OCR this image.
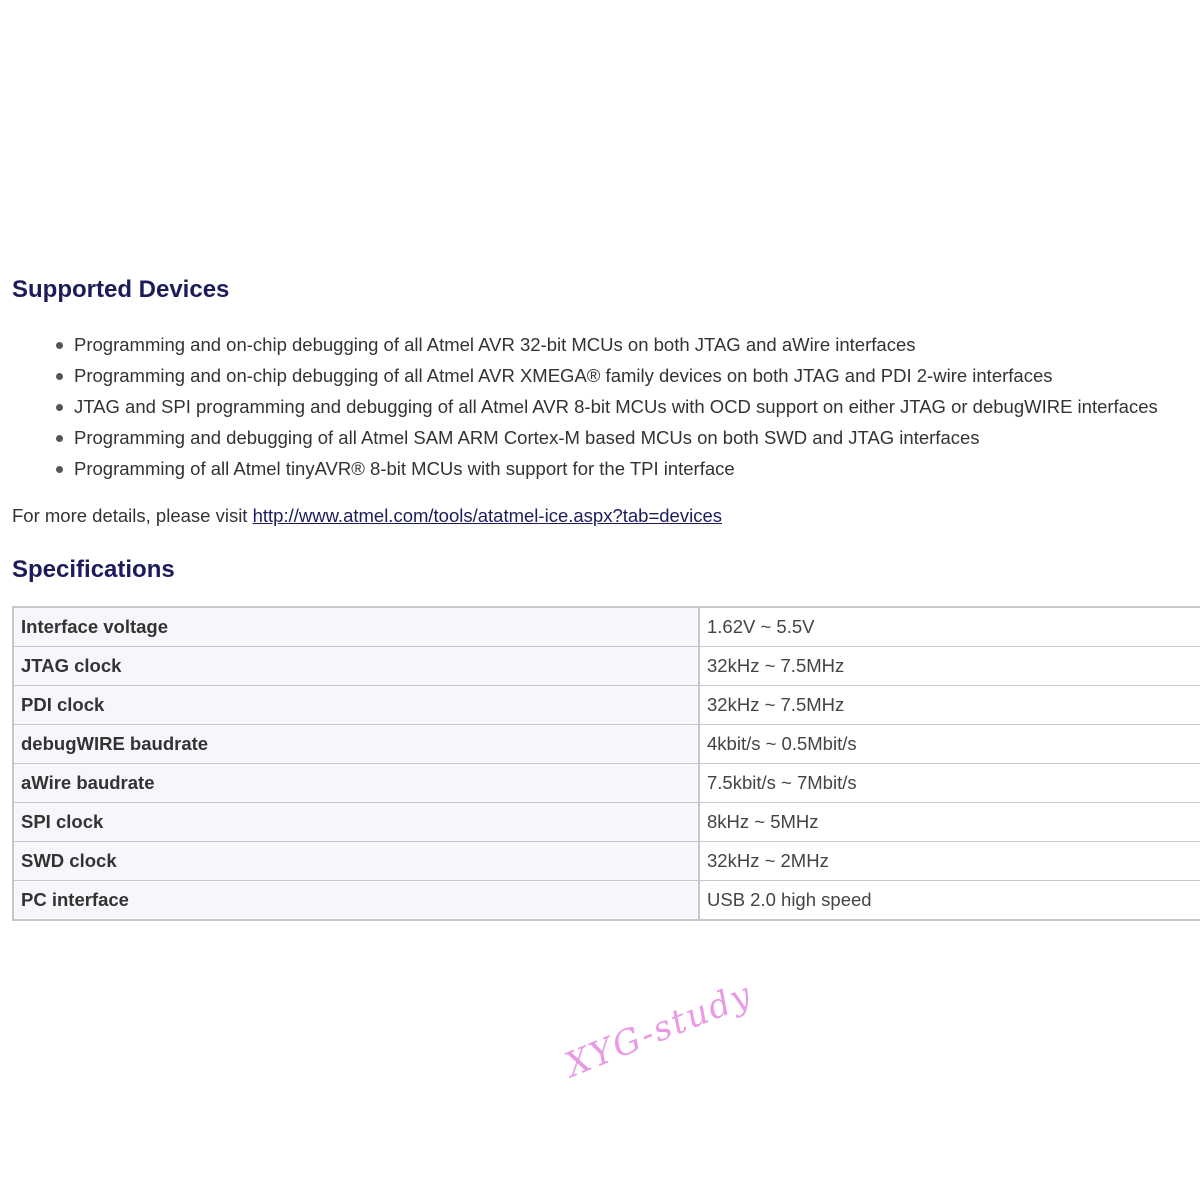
Supported Devices
Programming and on-chip debugging of all Atmel AVR 32-bit MCUs on both JTAG and aWire interfaces
Programming and on-chip debugging of all Atmel AVR XMEGA® family devices on both JTAG and PDI 2-wire interfaces
JTAG and SPI programming and debugging of all Atmel AVR 8-bit MCUs with OCD support on either JTAG or debugWIRE interfaces
Programming and debugging of all Atmel SAM ARM Cortex-M based MCUs on both SWD and JTAG interfaces
Programming of all Atmel tinyAVR® 8-bit MCUs with support for the TPI interface
For more details, please visit http://www.atmel.com/tools/atatmel-ice.aspx?tab=devices
Specifications
Interface voltage	1.62V ~ 5.5V
JTAG clock	32kHz ~ 7.5MHz
PDI clock	32kHz ~ 7.5MHz
debugWIRE baudrate	4kbit/s ~ 0.5Mbit/s
aWire baudrate	7.5kbit/s ~ 7Mbit/s
SPI clock	8kHz ~ 5MHz
SWD clock	32kHz ~ 2MHz
PC interface	USB 2.0 high speed
XYG-study
